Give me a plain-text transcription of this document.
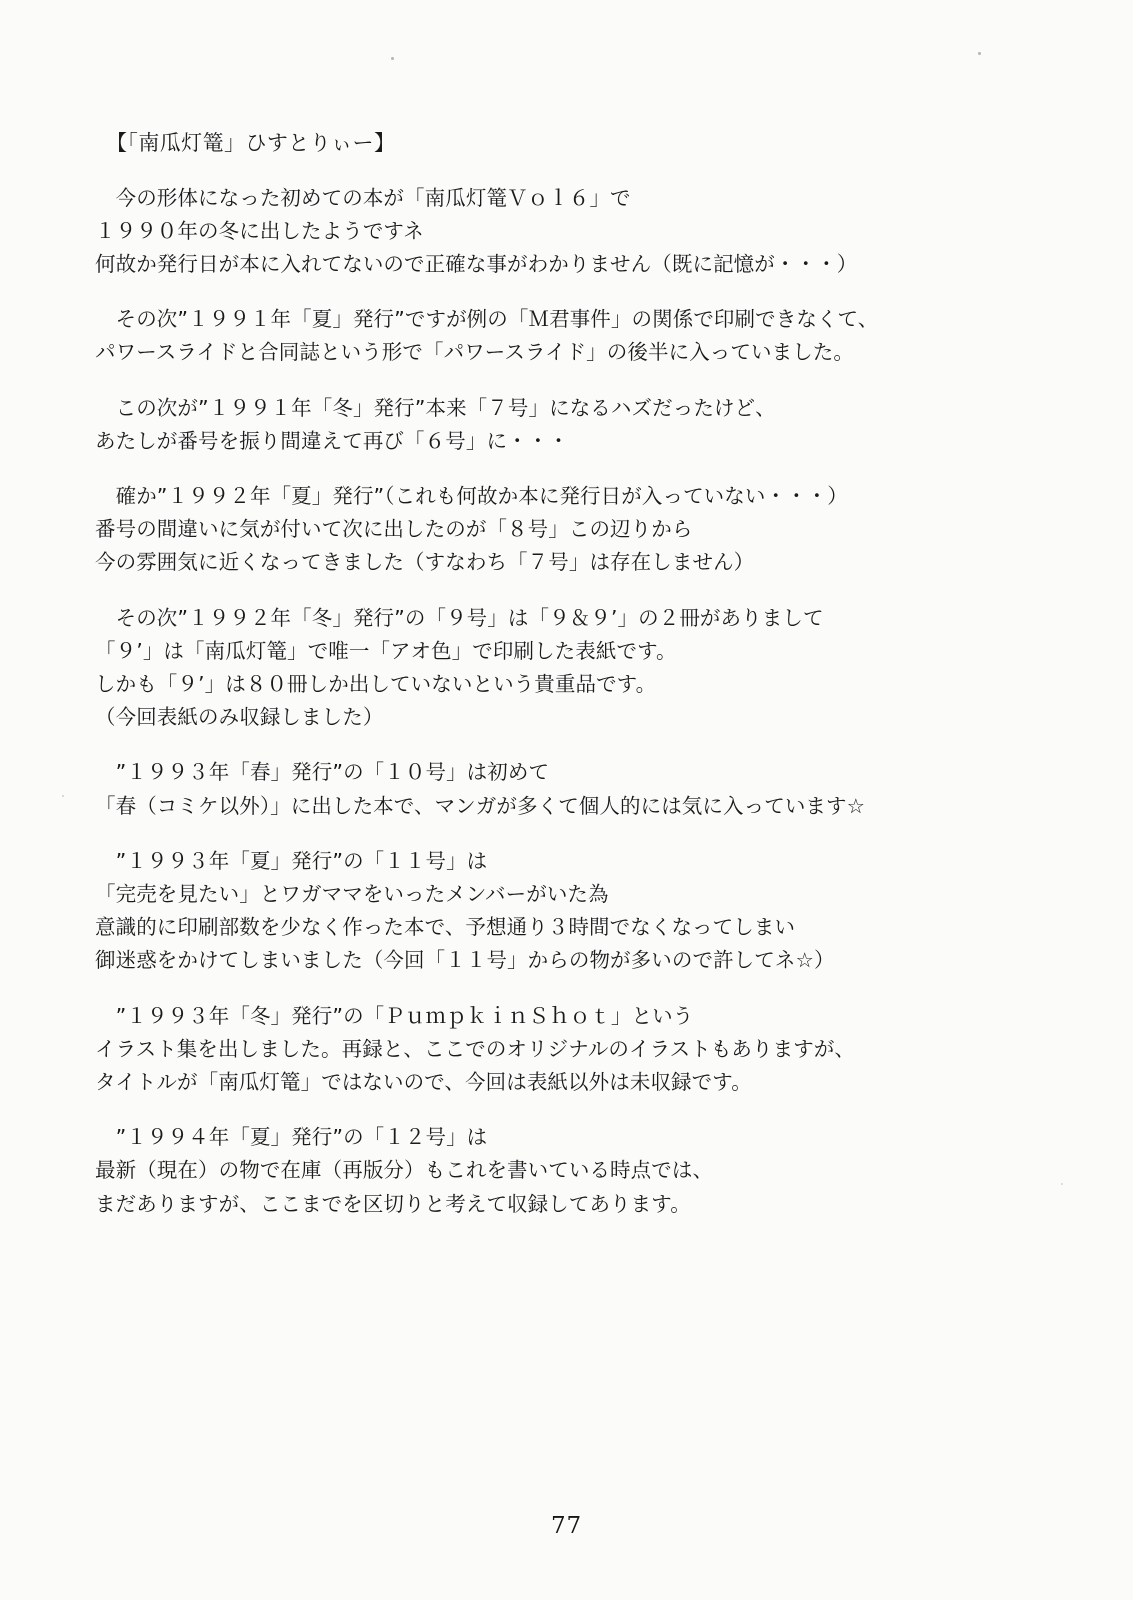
【「南瓜灯篭」ひすとりぃー】

　今の形体になった初めての本が「南瓜灯篭Ｖｏｌ６」で
１９９０年の冬に出したようですネ
何故か発行日が本に入れてないので正確な事がわかりません（既に記憶が・・・）

　その次”１９９１年「夏」発行”ですが例の「Ｍ君事件」の関係で印刷できなくて、
パワースライドと合同誌という形で「パワースライド」の後半に入っていました。

　この次が”１９９１年「冬」発行”本来「７号」になるハズだったけど、
あたしが番号を振り間違えて再び「６号」に・・・

　確か”１９９２年「夏」発行”（これも何故か本に発行日が入っていない・・・）
番号の間違いに気が付いて次に出したのが「８号」この辺りから
今の雰囲気に近くなってきました（すなわち「７号」は存在しません）

　その次”１９９２年「冬」発行”の「９号」は「９＆９’」の２冊がありまして
「９’」は「南瓜灯篭」で唯一「アオ色」で印刷した表紙です。
しかも「９’」は８０冊しか出していないという貴重品です。
（今回表紙のみ収録しました）

　”１９９３年「春」発行”の「１０号」は初めて
「春（コミケ以外）」に出した本で、マンガが多くて個人的には気に入っています☆

　”１９９３年「夏」発行”の「１１号」は
「完売を見たい」とワガママをいったメンバーがいた為
意識的に印刷部数を少なく作った本で、予想通り３時間でなくなってしまい
御迷惑をかけてしまいました（今回「１１号」からの物が多いので許してネ☆）

　”１９９３年「冬」発行”の「ＰｕｍｐｋｉｎＳｈｏｔ」という
イラスト集を出しました。再録と、ここでのオリジナルのイラストもありますが、
タイトルが「南瓜灯篭」ではないので、今回は表紙以外は未収録です。

　”１９９４年「夏」発行”の「１２号」は
最新（現在）の物で在庫（再版分）もこれを書いている時点では、
まだありますが、ここまでを区切りと考えて収録してあります。

77
